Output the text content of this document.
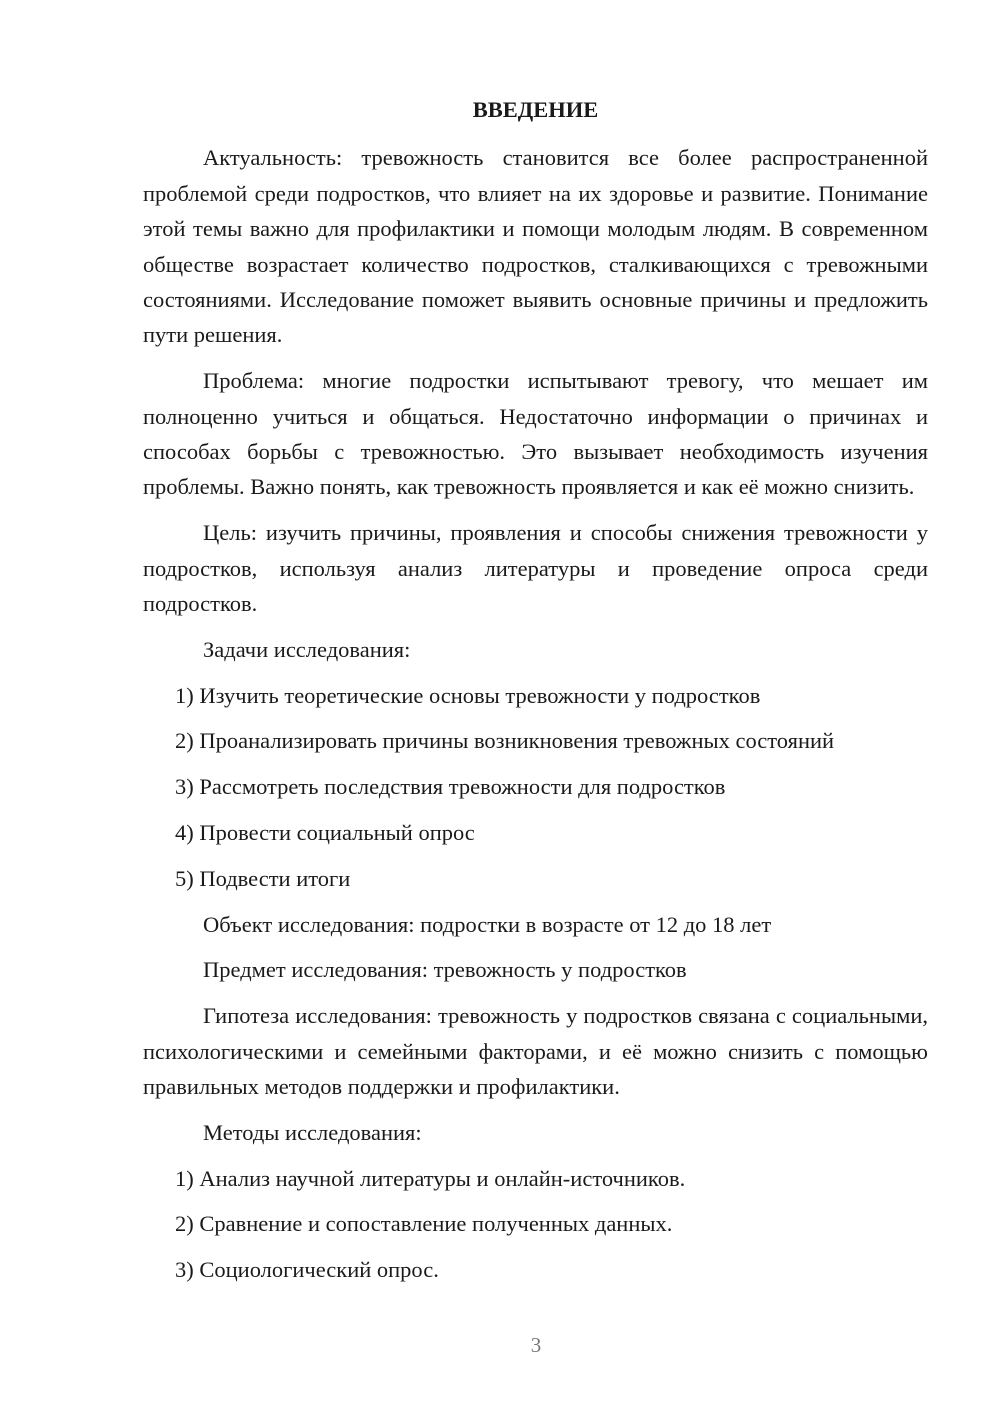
ВВЕДЕНИЕ

Актуальность: тревожность становится все более распространенной проблемой среди подростков, что влияет на их здоровье и развитие. Понимание этой темы важно для профилактики и помощи молодым людям. В современном обществе возрастает количество подростков, сталкивающихся с тревожными состояниями. Исследование поможет выявить основные причины и предложить пути решения.

Проблема: многие подростки испытывают тревогу, что мешает им полноценно учиться и общаться. Недостаточно информации о причинах и способах борьбы с тревожностью. Это вызывает необходимость изучения проблемы. Важно понять, как тревожность проявляется и как её можно снизить.

Цель: изучить причины, проявления и способы снижения тревожности у подростков, используя анализ литературы и проведение опроса среди подростков.

Задачи исследования:

1) Изучить теоретические основы тревожности у подростков

2) Проанализировать причины возникновения тревожных состояний

3) Рассмотреть последствия тревожности для подростков

4) Провести социальный опрос

5) Подвести итоги

Объект исследования: подростки в возрасте от 12 до 18 лет

Предмет исследования: тревожность у подростков

Гипотеза исследования: тревожность у подростков связана с социальными, психологическими и семейными факторами, и её можно снизить с помощью правильных методов поддержки и профилактики.

Методы исследования:

1) Анализ научной литературы и онлайн-источников.

2) Сравнение и сопоставление полученных данных.

3) Социологический опрос.

3
